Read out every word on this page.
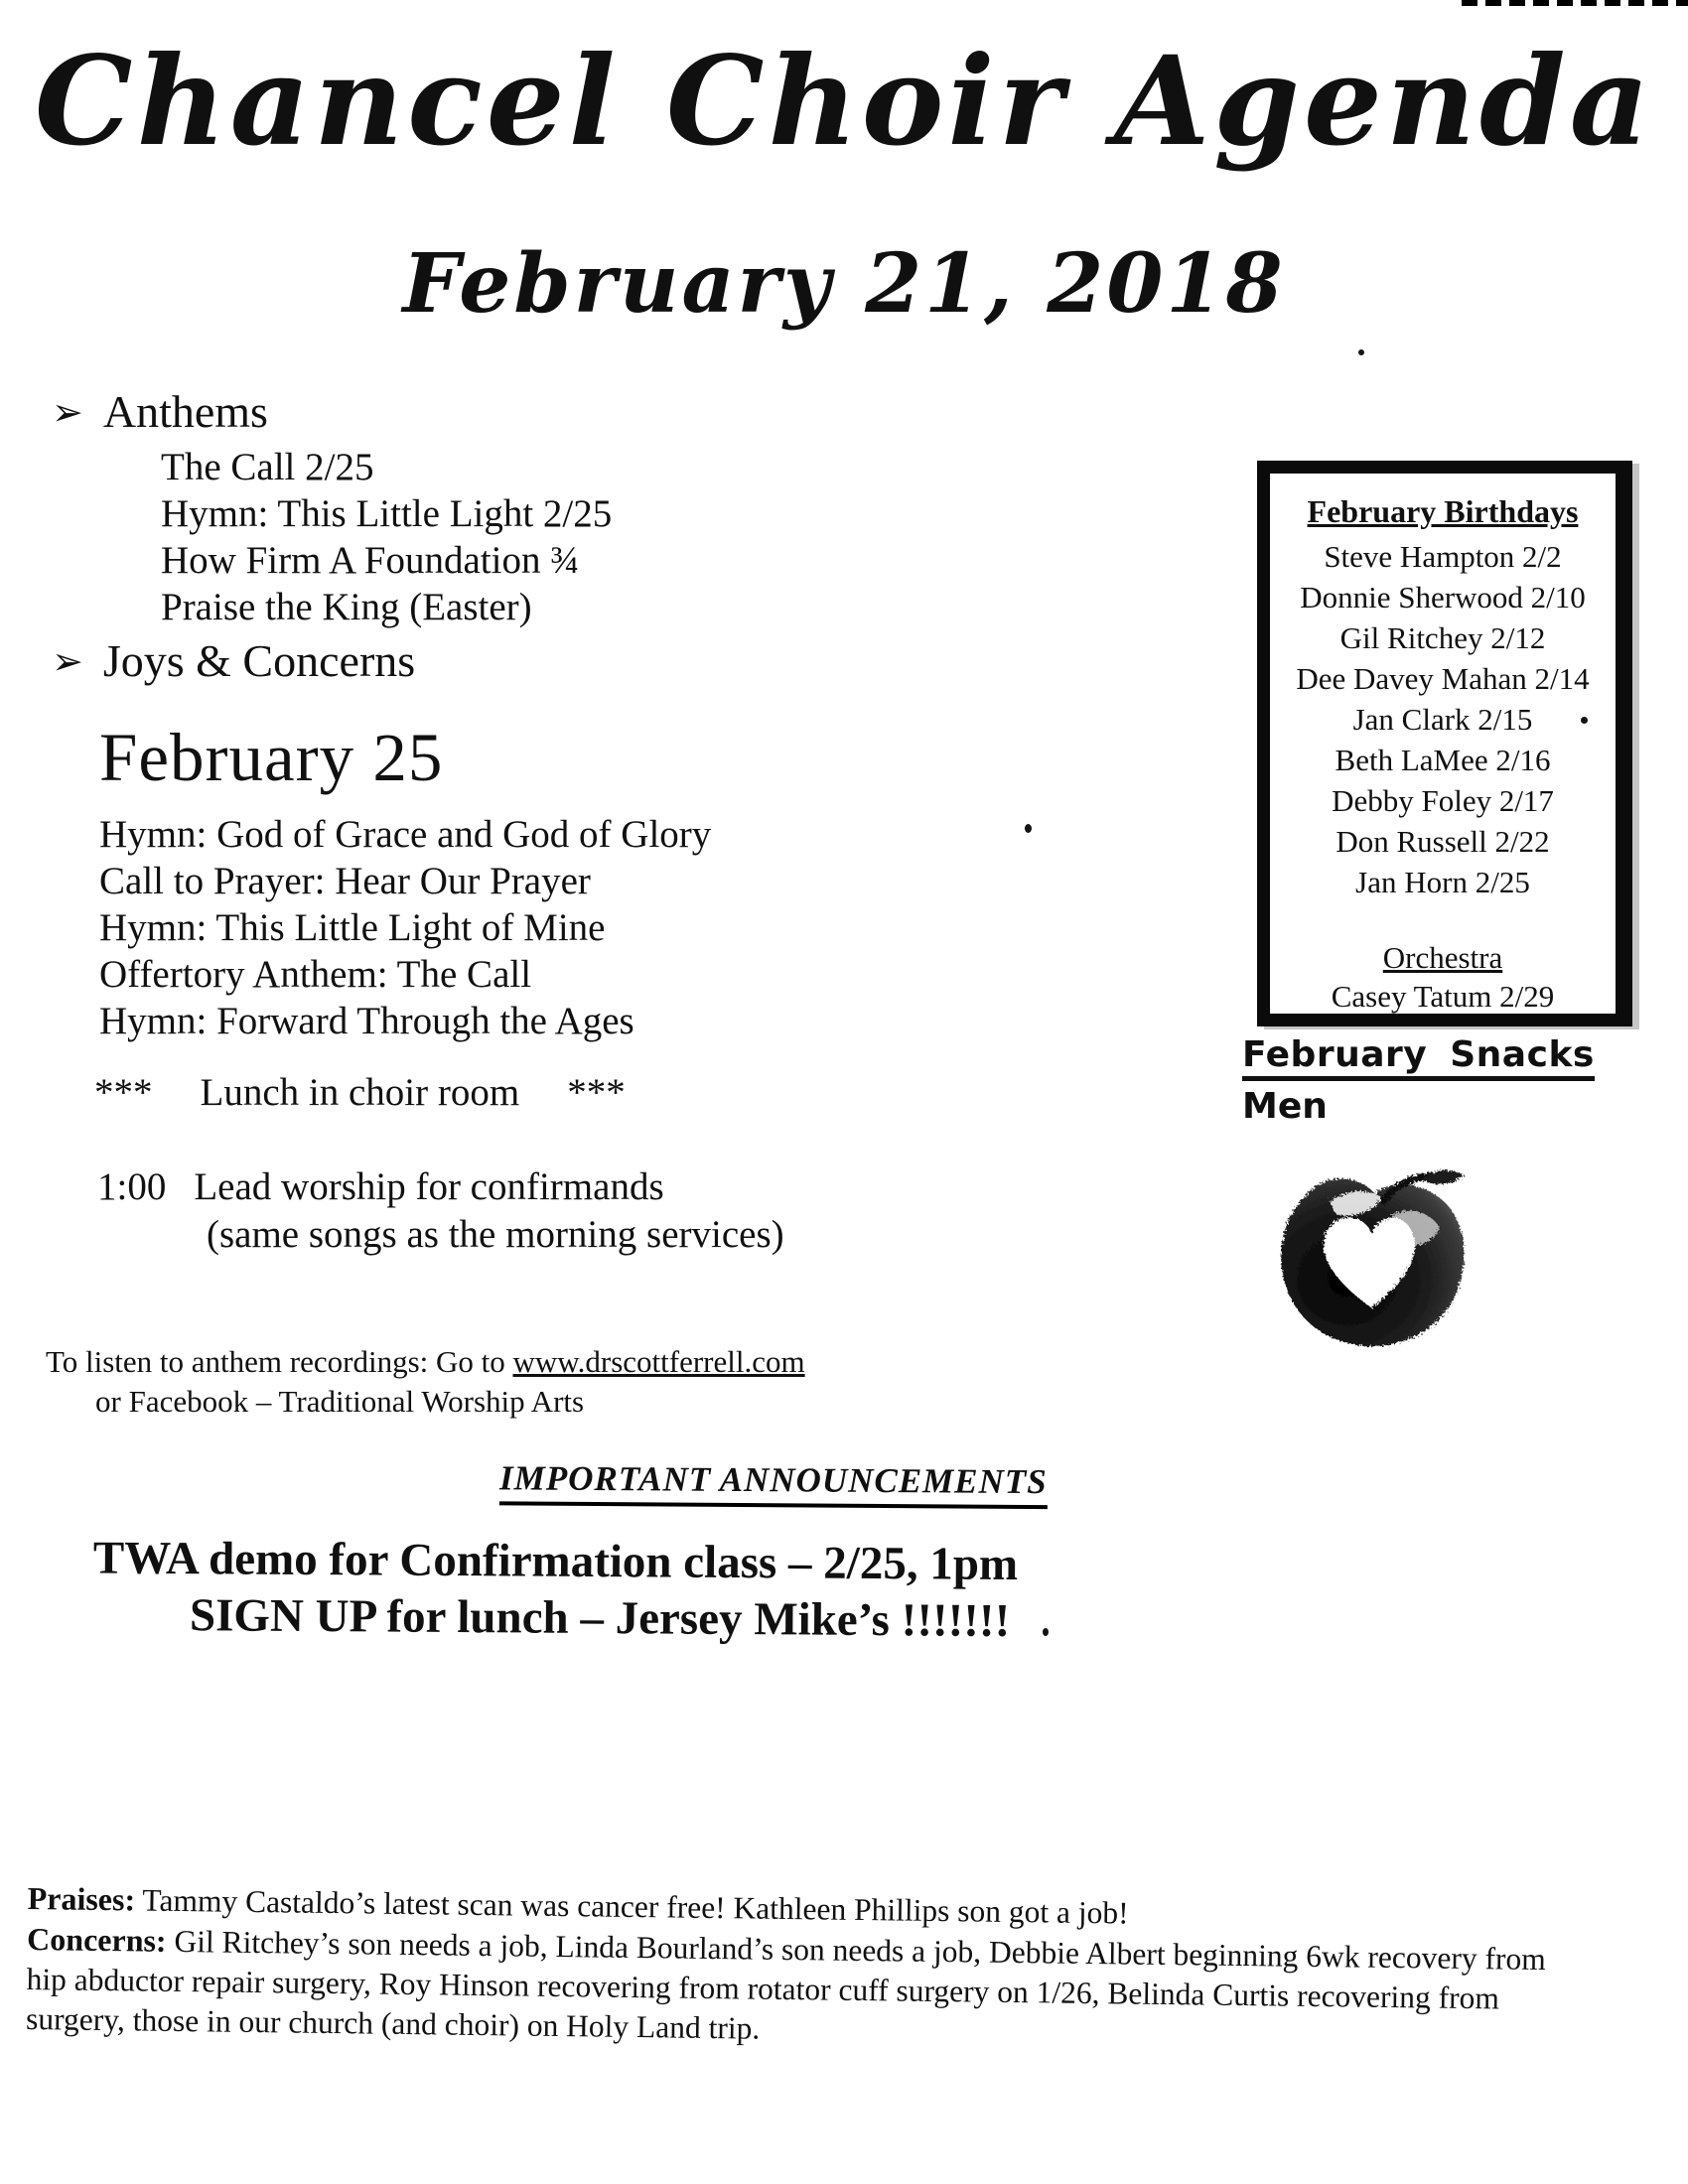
Chancel Choir Agenda
February 21, 2018
➢ Anthems
The Call 2/25
Hymn: This Little Light 2/25
How Firm A Foundation ¾
Praise the King (Easter)
➢ Joys & Concerns
February 25
Hymn: God of Grace and God of Glory
Call to Prayer: Hear Our Prayer
Hymn: This Little Light of Mine
Offertory Anthem: The Call
Hymn: Forward Through the Ages
*** Lunch in choir room ***
1:00 Lead worship for confirmands
(same songs as the morning services)
To listen to anthem recordings: Go to www.drscottferrell.com
or Facebook – Traditional Worship Arts
IMPORTANT ANNOUNCEMENTS
TWA demo for Confirmation class – 2/25, 1pm
SIGN UP for lunch – Jersey Mike’s !!!!!!!
February Birthdays
Steve Hampton 2/2
Donnie Sherwood 2/10
Gil Ritchey 2/12
Dee Davey Mahan 2/14
Jan Clark 2/15
Beth LaMee 2/16
Debby Foley 2/17
Don Russell 2/22
Jan Horn 2/25
Orchestra
Casey Tatum 2/29
February Snacks
Men
Praises: Tammy Castaldo’s latest scan was cancer free! Kathleen Phillips son got a job!
Concerns: Gil Ritchey’s son needs a job, Linda Bourland’s son needs a job, Debbie Albert beginning 6wk recovery from hip abductor repair surgery, Roy Hinson recovering from rotator cuff surgery on 1/26, Belinda Curtis recovering from surgery, those in our church (and choir) on Holy Land trip.
